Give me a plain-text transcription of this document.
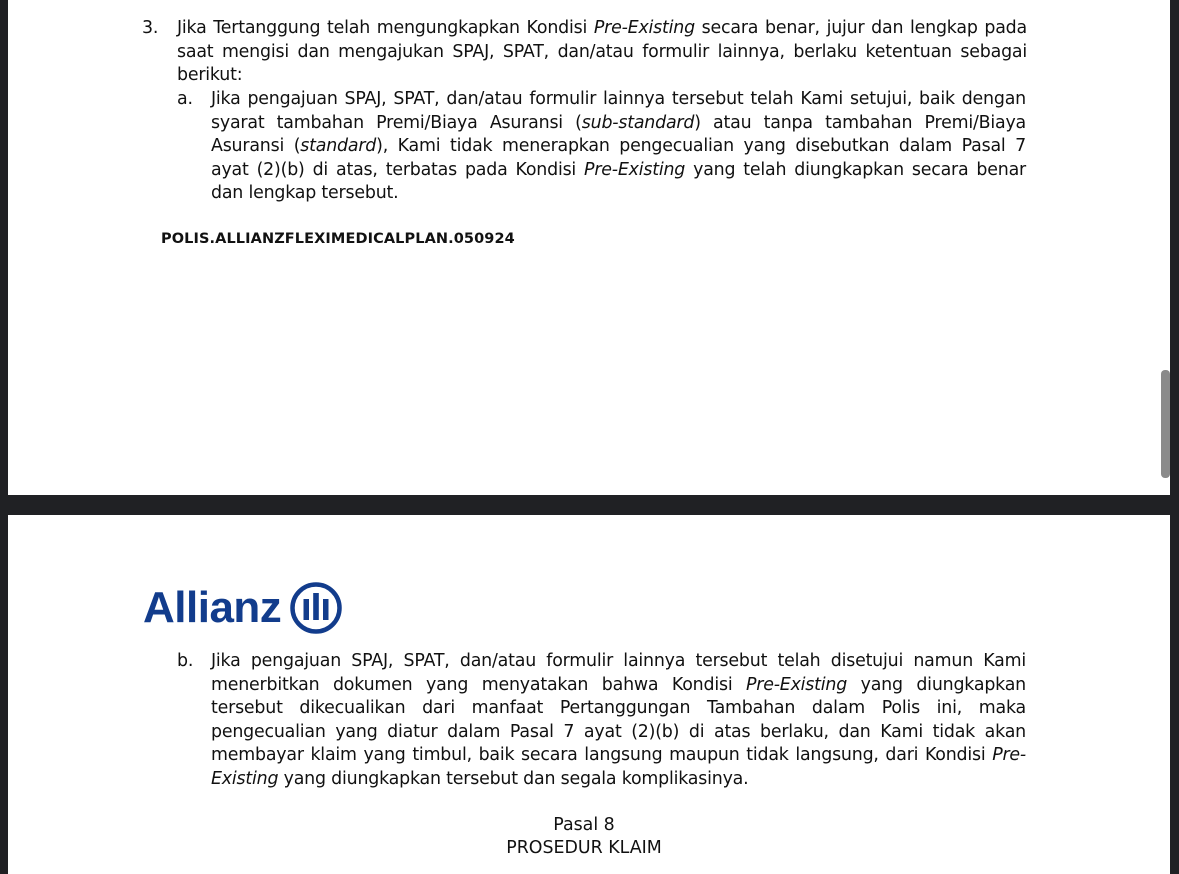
3. Jika Tertanggung telah mengungkapkan Kondisi Pre-Existing secara benar, jujur dan lengkap pada saat mengisi dan mengajukan SPAJ, SPAT, dan/atau formulir lainnya, berlaku ketentuan sebagai berikut:
a. Jika pengajuan SPAJ, SPAT, dan/atau formulir lainnya tersebut telah Kami setujui, baik dengan syarat tambahan Premi/Biaya Asuransi (sub-standard) atau tanpa tambahan Premi/Biaya Asuransi (standard), Kami tidak menerapkan pengecualian yang disebutkan dalam Pasal 7 ayat (2)(b) di atas, terbatas pada Kondisi Pre-Existing yang telah diungkapkan secara benar dan lengkap tersebut.
POLIS.ALLIANZFLEXIMEDICALPLAN.050924
Allianz
b. Jika pengajuan SPAJ, SPAT, dan/atau formulir lainnya tersebut telah disetujui namun Kami menerbitkan dokumen yang menyatakan bahwa Kondisi Pre-Existing yang diungkapkan tersebut dikecualikan dari manfaat Pertanggungan Tambahan dalam Polis ini, maka pengecualian yang diatur dalam Pasal 7 ayat (2)(b) di atas berlaku, dan Kami tidak akan membayar klaim yang timbul, baik secara langsung maupun tidak langsung, dari Kondisi Pre-Existing yang diungkapkan tersebut dan segala komplikasinya.
Pasal 8
PROSEDUR KLAIM
